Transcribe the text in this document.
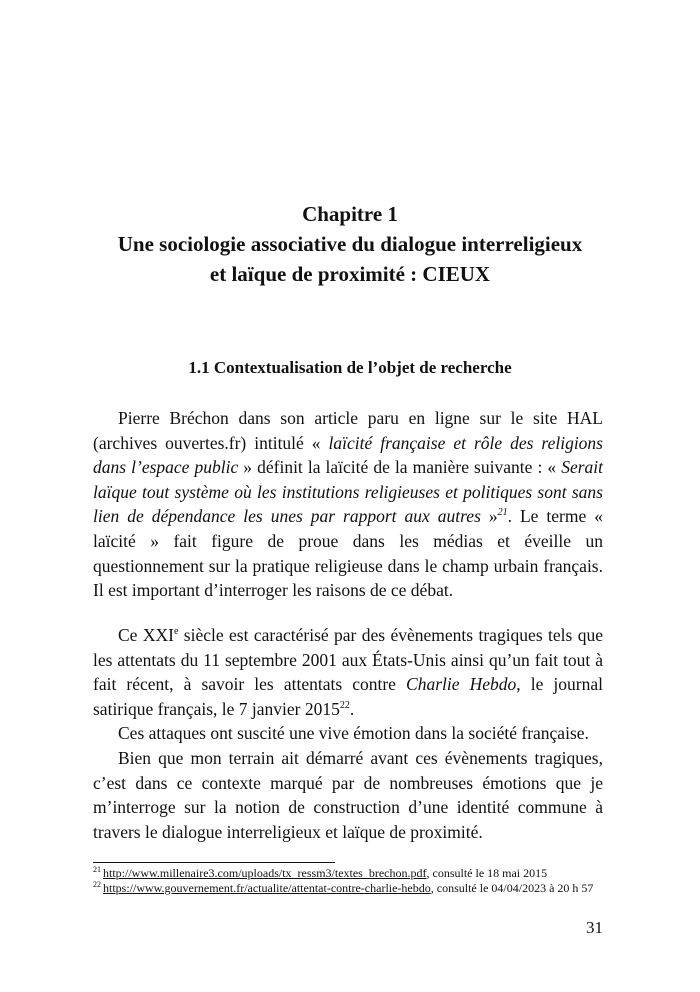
Chapitre 1
Une sociologie associative du dialogue interreligieux
et laïque de proximité : CIEUX
1.1 Contextualisation de l’objet de recherche

Pierre Bréchon dans son article paru en ligne sur le site HAL (archives ouvertes.fr) intitulé « laïcité française et rôle des religions dans l’espace public » définit la laïcité de la manière suivante : « Serait laïque tout système où les institutions religieuses et politiques sont sans lien de dépendance les unes par rapport aux autres »$^{21}$. Le terme « laïcité » fait figure de proue dans les médias et éveille un questionnement sur la pratique religieuse dans le champ urbain français. Il est important d’interroger les raisons de ce débat.

Ce XXIe siècle est caractérisé par des évènements tragiques tels que les attentats du 11 septembre 2001 aux États-Unis ainsi qu’un fait tout à fait récent, à savoir les attentats contre Charlie Hebdo, le journal satirique français, le 7 janvier 2015$^{22}$.

Ces attaques ont suscité une vive émotion dans la société française.

Bien que mon terrain ait démarré avant ces évènements tragiques, c’est dans ce contexte marqué par de nombreuses émotions que je m’interroge sur la notion de construction d’une identité commune à travers le dialogue interreligieux et laïque de proximité.

$^{21}$ http://www.millenaire3.com/uploads/tx_ressm3/textes_brechon.pdf, consulté le 18 mai 2015
$^{22}$ https://www.gouvernement.fr/actualite/attentat-contre-charlie-hebdo, consulté le 04/04/2023 à 20 h 57
31
